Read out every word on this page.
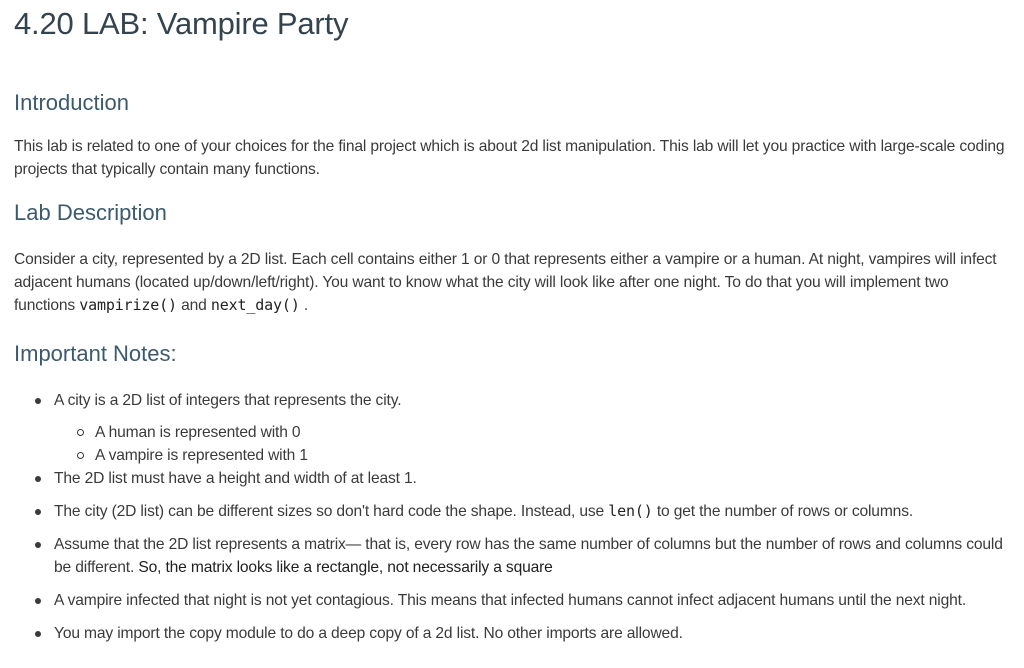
4.20 LAB: Vampire Party
Introduction

This lab is related to one of your choices for the final project which is about 2d list manipulation. This lab will let you practice with large-scale coding projects that typically contain many functions.

Lab Description

Consider a city, represented by a 2D list. Each cell contains either 1 or 0 that represents either a vampire or a human. At night, vampires will infect adjacent humans (located up/down/left/right). You want to know what the city will look like after one night. To do that you will implement two functions vampirize() and next_day() .

Important Notes:
A city is a 2D list of integers that represents the city.
A human is represented with 0
A vampire is represented with 1
The 2D list must have a height and width of at least 1.
The city (2D list) can be different sizes so don't hard code the shape. Instead, use len() to get the number of rows or columns.
Assume that the 2D list represents a matrix— that is, every row has the same number of columns but the number of rows and columns could be different. So, the matrix looks like a rectangle, not necessarily a square
A vampire infected that night is not yet contagious. This means that infected humans cannot infect adjacent humans until the next night.
You may import the copy module to do a deep copy of a 2d list. No other imports are allowed.
